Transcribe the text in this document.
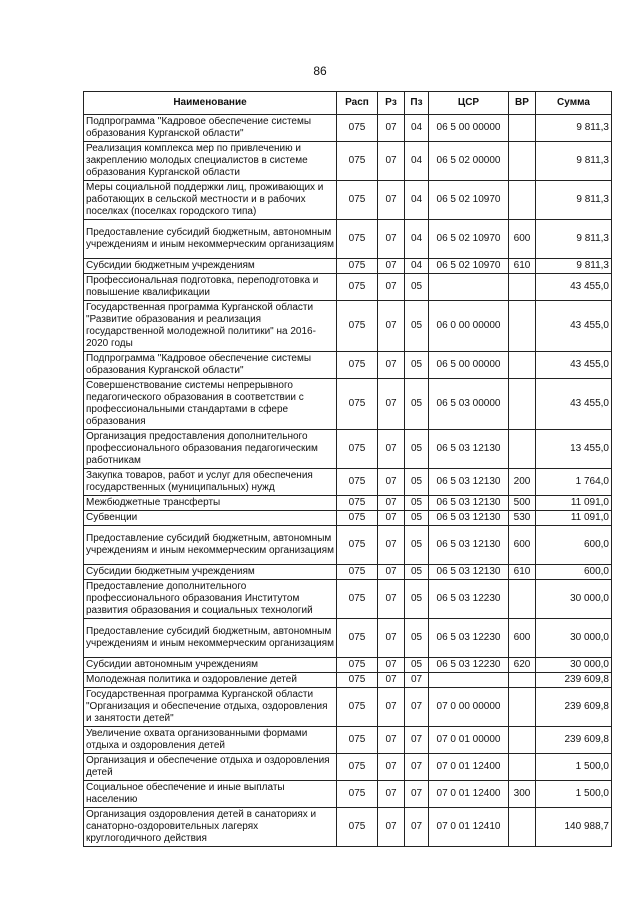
86
Наименование	Расп	Рз	Пз	ЦСР	ВР	Сумма
Подпрограмма "Кадровое обеспечение системы образования Курганской области"	075	07	04	06 5 00 00000		9 811,3
Реализация комплекса мер по привлечению и закреплению молодых специалистов в системе образования Курганской области	075	07	04	06 5 02 00000		9 811,3
Меры социальной поддержки лиц, проживающих и работающих в сельской местности и в рабочих поселках (поселках городского типа)	075	07	04	06 5 02 10970		9 811,3
Предоставление субсидий бюджетным, автономным учреждениям и иным некоммерческим организациям	075	07	04	06 5 02 10970	600	9 811,3
Субсидии бюджетным учреждениям	075	07	04	06 5 02 10970	610	9 811,3
Профессиональная подготовка, переподготовка и повышение квалификации	075	07	05			43 455,0
Государственная программа Курганской области "Развитие образования и реализация государственной молодежной политики" на 2016-2020 годы	075	07	05	06 0 00 00000		43 455,0
Подпрограмма "Кадровое обеспечение системы образования Курганской области"	075	07	05	06 5 00 00000		43 455,0
Совершенствование системы непрерывного педагогического образования в соответствии с профессиональными стандартами в сфере образования	075	07	05	06 5 03 00000		43 455,0
Организация предоставления дополнительного профессионального образования педагогическим работникам	075	07	05	06 5 03 12130		13 455,0
Закупка товаров, работ и услуг для обеспечения государственных (муниципальных) нужд	075	07	05	06 5 03 12130	200	1 764,0
Межбюджетные трансферты	075	07	05	06 5 03 12130	500	11 091,0
Субвенции	075	07	05	06 5 03 12130	530	11 091,0
Предоставление субсидий бюджетным, автономным учреждениям и иным некоммерческим организациям	075	07	05	06 5 03 12130	600	600,0
Субсидии бюджетным учреждениям	075	07	05	06 5 03 12130	610	600,0
Предоставление дополнительного профессионального образования Институтом развития образования и социальных технологий	075	07	05	06 5 03 12230		30 000,0
Предоставление субсидий бюджетным, автономным учреждениям и иным некоммерческим организациям	075	07	05	06 5 03 12230	600	30 000,0
Субсидии автономным учреждениям	075	07	05	06 5 03 12230	620	30 000,0
Молодежная политика и оздоровление детей	075	07	07			239 609,8
Государственная программа Курганской области "Организация и обеспечение отдыха, оздоровления и занятости детей"	075	07	07	07 0 00 00000		239 609,8
Увеличение охвата организованными формами отдыха и оздоровления детей	075	07	07	07 0 01 00000		239 609,8
Организация и обеспечение отдыха и оздоровления детей	075	07	07	07 0 01 12400		1 500,0
Социальное обеспечение и иные выплаты населению	075	07	07	07 0 01 12400	300	1 500,0
Организация оздоровления детей в санаториях и санаторно-оздоровительных лагерях круглогодичного действия	075	07	07	07 0 01 12410		140 988,7
